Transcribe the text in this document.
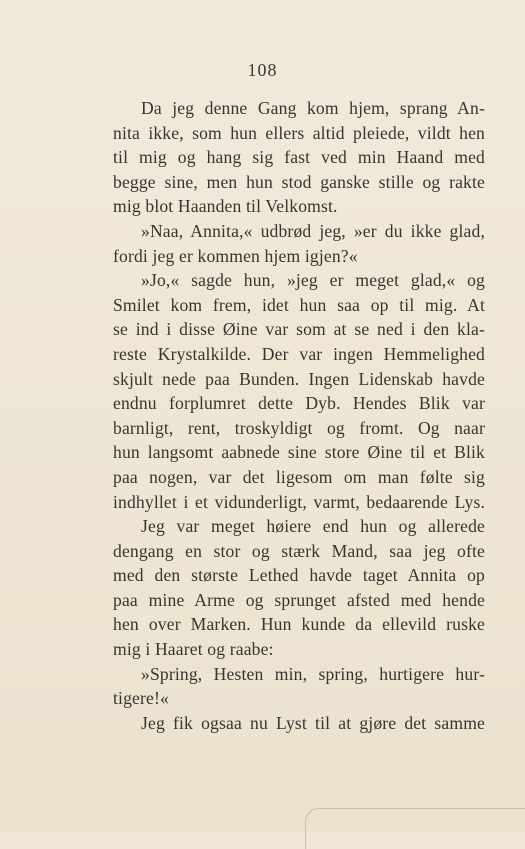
108
Da jeg denne Gang kom hjem, sprang An-
nita ikke, som hun ellers altid pleiede, vildt hen
til mig og hang sig fast ved min Haand med
begge sine, men hun stod ganske stille og rakte
mig blot Haanden til Velkomst.
»Naa, Annita,« udbrød jeg, »er du ikke glad,
fordi jeg er kommen hjem igjen?«
»Jo,« sagde hun, »jeg er meget glad,« og
Smilet kom frem, idet hun saa op til mig. At
se ind i disse Øine var som at se ned i den kla-
reste Krystalkilde. Der var ingen Hemmelighed
skjult nede paa Bunden. Ingen Lidenskab havde
endnu forplumret dette Dyb. Hendes Blik var
barnligt, rent, troskyldigt og fromt. Og naar
hun langsomt aabnede sine store Øine til et Blik
paa nogen, var det ligesom om man følte sig
indhyllet i et vidunderligt, varmt, bedaarende Lys.
Jeg var meget høiere end hun og allerede
dengang en stor og stærk Mand, saa jeg ofte
med den største Lethed havde taget Annita op
paa mine Arme og sprunget afsted med hende
hen over Marken. Hun kunde da ellevild ruske
mig i Haaret og raabe:
»Spring, Hesten min, spring, hurtigere hur-
tigere!«
Jeg fik ogsaa nu Lyst til at gjøre det samme
